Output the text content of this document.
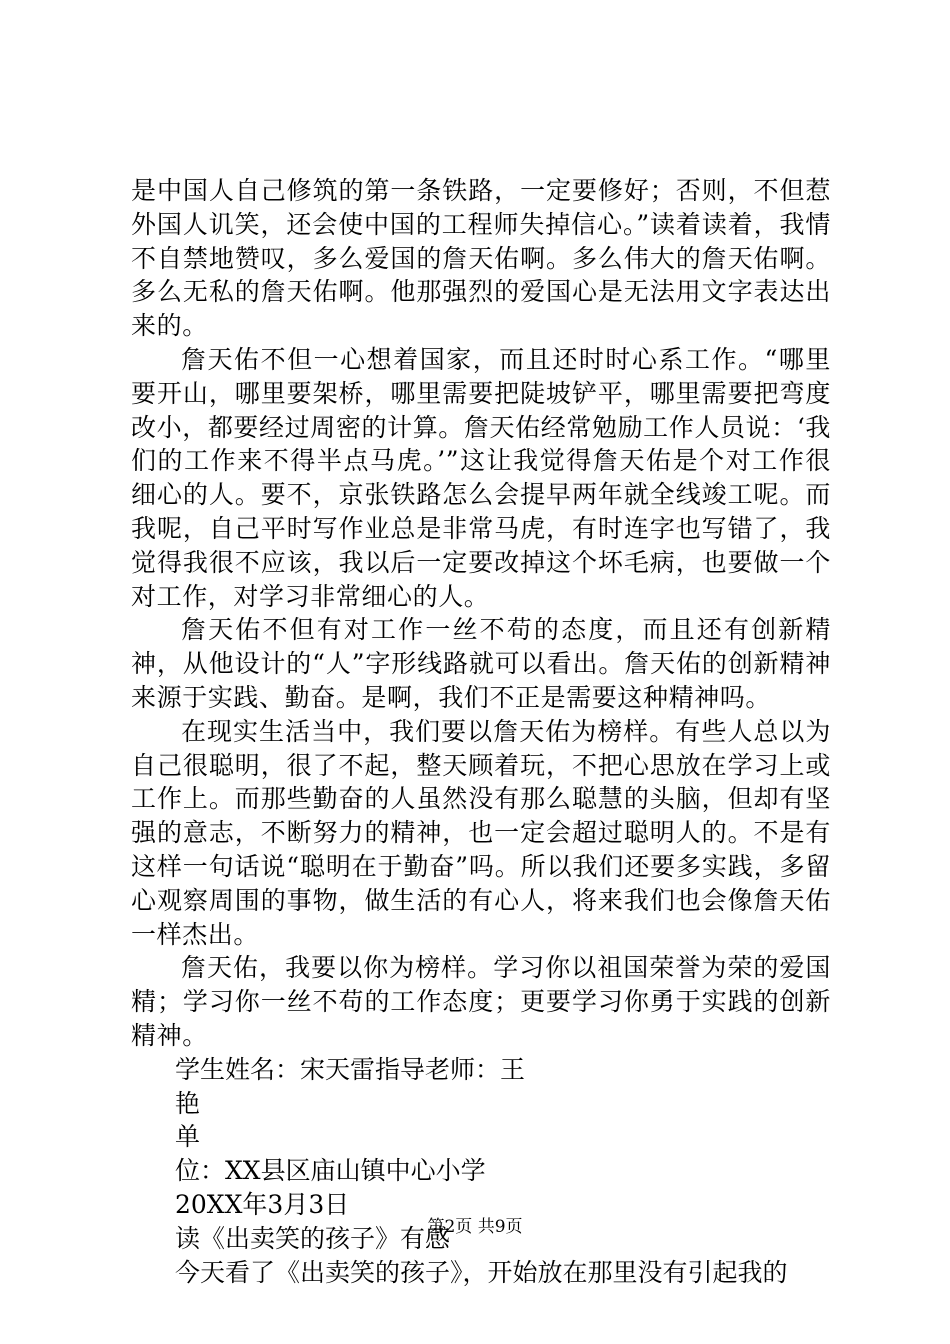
是中国人自己修筑的第一条铁路，一定要修好；否则，不但惹外国人讥笑，还会使中国的工程师失掉信心。”读着读着，我情不自禁地赞叹，多么爱国的詹天佑啊。多么伟大的詹天佑啊。多么无私的詹天佑啊。他那强烈的爱国心是无法用文字表达出来的。

詹天佑不但一心想着国家，而且还时时心系工作。“哪里要开山，哪里要架桥，哪里需要把陡坡铲平，哪里需要把弯度改小，都要经过周密的计算。詹天佑经常勉励工作人员说：‘我们的工作来不得半点马虎。’”这让我觉得詹天佑是个对工作很细心的人。要不，京张铁路怎么会提早两年就全线竣工呢。而我呢，自己平时写作业总是非常马虎，有时连字也写错了，我觉得我很不应该，我以后一定要改掉这个坏毛病，也要做一个对工作，对学习非常细心的人。

詹天佑不但有对工作一丝不苟的态度，而且还有创新精神，从他设计的“人”字形线路就可以看出。詹天佑的创新精神来源于实践、勤奋。是啊，我们不正是需要这种精神吗。

在现实生活当中，我们要以詹天佑为榜样。有些人总以为自己很聪明，很了不起，整天顾着玩，不把心思放在学习上或工作上。而那些勤奋的人虽然没有那么聪慧的头脑，但却有坚强的意志，不断努力的精神，也一定会超过聪明人的。不是有这样一句话说“聪明在于勤奋”吗。所以我们还要多实践，多留心观察周围的事物，做生活的有心人，将来我们也会像詹天佑一样杰出。

詹天佑，我要以你为榜样。学习你以祖国荣誉为荣的爱国精；学习你一丝不苟的工作态度；更要学习你勇于实践的创新精神。

学生姓名：宋天雷指导老师：王

艳

单

位：XX县区庙山镇中心小学

20XX年3月3日

读《出卖笑的孩子》有感

今天看了《出卖笑的孩子》，开始放在那里没有引起我的

第2页 共9页
